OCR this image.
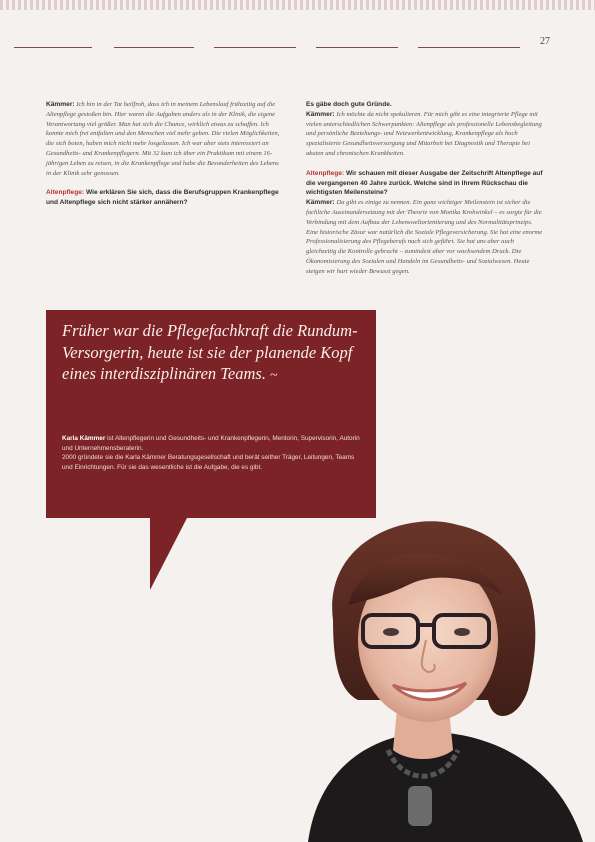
27

Kämmer: Ich bin in der Tat heilfroh, dass ich in meinem Lebenslauf frühzeitig auf die Altenpflege gestoßen bin. Hier waren die Aufgaben anders als in der Klinik, die eigene Verantwortung viel größer. Man hat sich die Chance, wirklich etwas zu schaffen. Ich konnte mich frei entfalten und den Menschen viel mehr geben. Die vielen Möglichkeiten, die sich boten, haben mich nicht mehr losgelassen. Ich war aber stets interessiert an Gesundheits- und Krankenpflegern. Mit 32 kam ich über ein Praktikum mit einem 16-jährigen Leben zu reisen, in die Krankenpflege und habe die Besonderheiten des Lebens in der Klinik sehr genossen.

Altenpflege: Wie erklären Sie sich, dass die Berufsgruppen Krankenpflege und Altenpflege sich nicht stärker annähern?

Es gäbe doch gute Gründe.

Kämmer: Ich möchte da nicht spekulieren. Für mich gibt es eine integrierte Pflege mit vielen unterschiedlichen Schwerpunkten: Altenpflege als professionelle Lebensbegleitung und persönliche Beziehungs- und Netzwerkentwicklung, Krankenpflege als hoch spezialisierte Gesundheitsversorgung und Mitarbeit bei Diagnostik und Therapie bei akuten und chronischen Krankheiten.

Altenpflege: Wir schauen mit dieser Ausgabe der Zeitschrift Altenpflege auf die vergangenen 40 Jahre zurück. Welche sind in Ihrem Rückschau die wichtigsten Meilensteine?

Kämmer: Da gibt es einige zu nennen. Ein ganz wichtiger Meilenstein ist sicher die fachliche Auseinandersetzung mit der Theorie von Monika Krohwinkel – es sorgte für die Verbindung mit dem Aufbau der Lebensweltorientierung und des Normalitätsprinzips. Eine historische Zäsur war natürlich die Soziale Pflegeversicherung. Sie hat eine enorme Professionalisierung des Pflegeberufs nach sich geführt. Sie hat uns aber auch gleichzeitig die Kontrolle gebracht – zumindest aber vor wachsendem Druck. Die Ökonomisierung des Sozialen und Handeln im Gesundheits- und Sozialwesen. Heute steigen wir hart wieder Bewusst gegen.

Früher war die Pflegefachkraft die Rundum-Versorgerin, heute ist sie der planende Kopf eines interdisziplinären Teams. ~
Karla Kämmer ist Altenpflegerin und Gesundheits- und Krankenpflegerin, Mentorin, Supervisorin, Autorin und Unternehmensberaterin.
2000 gründete sie die Karla Kämmer Beratungsgesellschaft und berät seither Träger, Leitungen, Teams und Einrichtungen. Für sie das wesentliche ist die Aufgabe, die es gibt.
